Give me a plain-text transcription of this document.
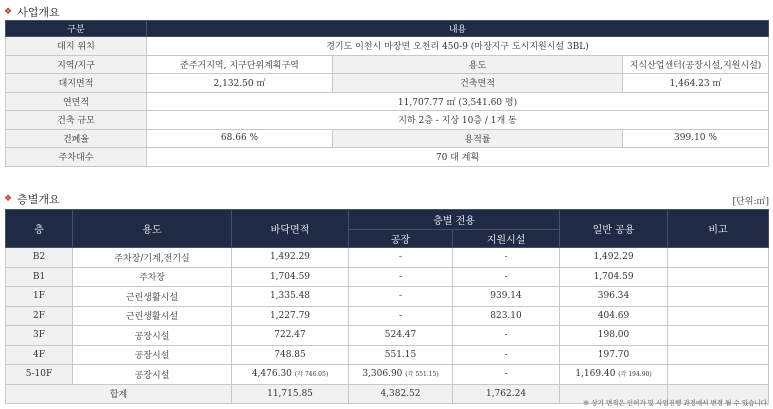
❖ 사업개요
구분	내용		
대지 위치	경기도 이천시 마장면 오천리 450-9 (마장지구 도시지원시설 3BL)		
지역/지구	준주거지역, 지구단위계획구역	용도	지식산업센터(공장시설,지원시설)
대지면적	2,132.50 ㎡	건축면적	1,464.23 ㎡
연면적	11,707.77 ㎡ (3,541.60 평)		
건축 규모	지하 2층 - 지상 10층 / 1개 동		
건폐율	68.66 %	용적률	399.10 %
주차대수	70 대 계획		
❖ 층별개요	[단위:㎡]
층	용도	바닥면적	층별 전용		일반 공용	비고
			공장	지원시설		
B2	주차장/기계,전기실	1,492.29	-	-	1,492.29	
B1	주차장	1,704.59	-	-	1,704.59	
1F	근린생활시설	1,335.48	-	939.14	396.34	
2F	근린생활시설	1,227.79	-	823.10	404.69	
3F	공장시설	722.47	524.47	-	198.00	
4F	공장시설	748.85	551.15	-	197.70	
5-10F	공장시설	4,476.30 (각 746.05)	3,306.90 (각 551.15)	-	1,169.40 (각 194.90)	
합계		11,715.85	4,382.52	1,762.24		
※ 상기 면적은 인허가 및 사업진행 과정에서 변경 될 수 있습니다.
